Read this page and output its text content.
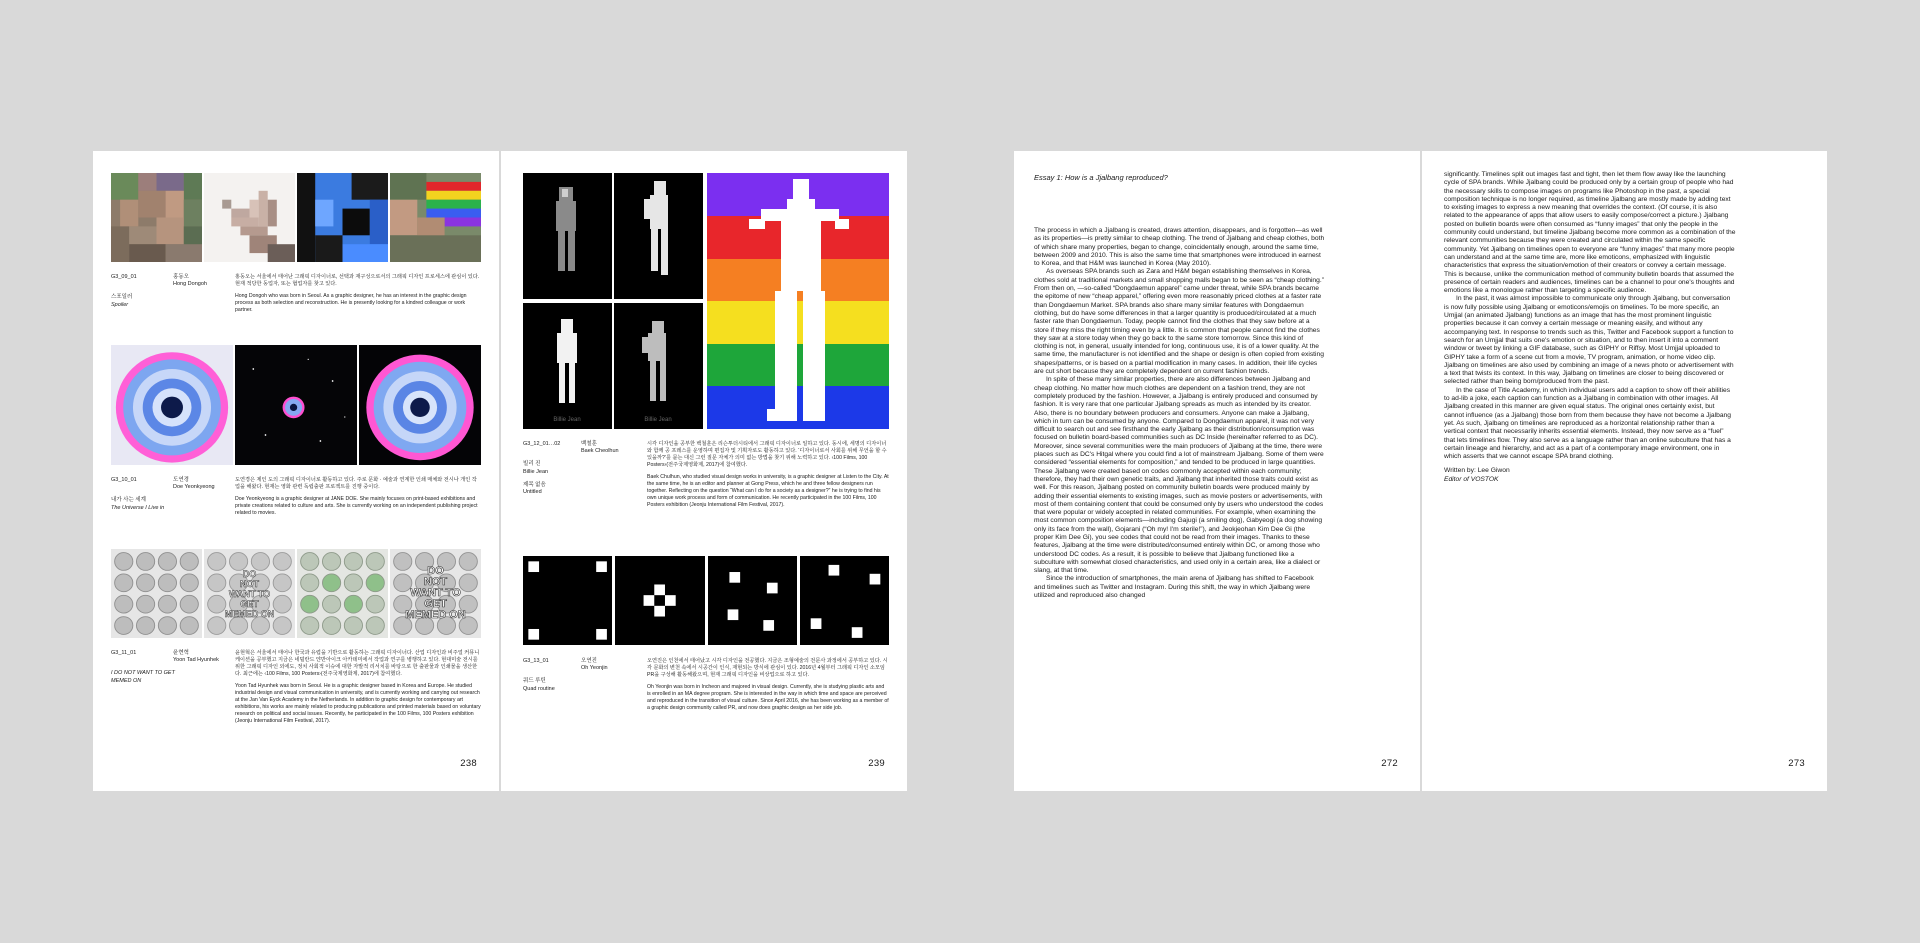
G3_09_01	홍동오
Hong Dongoh
스포일러
Spoiler

홍동오는 서울에서 태어난 그래픽 디자이너로, 선택과 재구성으로서의 그래픽 디자인 프로세스에 관심이 있다. 현재 적당한 동업자, 또는 협업자를 찾고 있다.

Hong Dongoh who was born in Seoul. As a graphic designer, he has an interest in the graphic design process as both selection and reconstruction. He is presently looking for a kindred colleague or work partner.

G3_10_01	도연경
Doe Yeonkyeong
내가 사는 세계
The Universe I Live in

도연경은 제인 도의 그래픽 디자이너로 활동하고 있다. 주로 문화 · 예술과 연계한 인쇄 매체와 전시나 개인 작업을 해왔다. 현재는 영화 관련 독립출판 프로젝트를 진행 중이다.

Doe Yeonkyeong is a graphic designer at JANE DOE. She mainly focuses on print-based exhibitions and private creations related to culture and arts. She is currently working on an independent publishing project related to movies.

DO
NOT
WANT TO
GET
MEMED ON
DO
NOT
WANT TO
GET
MEMED ON
G3_11_01	윤현혁
Yoon Tad Hyunhek
I DO NOT WANT TO GET
MEMED ON

윤현혁은 서울에서 태어나 한국과 유럽을 기반으로 활동하는 그래픽 디자이너다. 산업 디자인과 비주얼 커뮤니케이션을 공부했고 지금은 네덜란드 얀반아이크 아카데미에서 작업과 연구를 병행하고 있다. 현대미술 전시를 위한 그래픽 디자인 외에도, 정치 사회적 이슈에 대한 자발적 리서치를 바탕으로 한 출판물과 인쇄물을 생산한다. 최근에는 ‹100 Films, 100 Posters›(전주국제영화제, 2017)에 참여했다.

Yoon Tad Hyunhek was born in Seoul. He is a graphic designer based in Korea and Europe. He studied industrial design and visual communication in university, and is currently working and carrying out research at the Jan Van Eyck Academy in the Netherlands. In addition to graphic design for contemporary art exhibitions, his works are mainly related to producing publications and printed materials based on voluntary research on political and social issues. Recently, he participated in the 100 Films, 100 Posters exhibition (Jeonju International Film Festival, 2017).

238
Billie Jean	Billie Jean
G3_12_01…02	백철훈
Baek Cheolhun
빌리 진
Billie Jean
제목 없음
Untitled

시각 디자인을 공부한 백철훈은 리슨투더시티에서 그래픽 디자이너로 일하고 있다. 동시에, 세명의 디자이너와 함께 공 프레스를 운영하며 편집자 및 기획자로도 활동하고 있다. ‘디자이너로서 사회를 위해 무언을 할 수 있을까?’를 묻는 대신 그런 질문 자체가 의미 없는 방법을 찾기 위해 노력하고 있다. ‹100 Films, 100 Posters›(전주국제영화제, 2017)에 참여했다.

Baek Chulhun, who studied visual design works in university, is a graphic designer at Listen to the City. At the same time, he is an editor and planner at Gong Press, which he and three fellow designers run together. Reflecting on the question “What can I do for a society as a designer?” he is trying to find his own unique work process and form of communication. He recently participated in the 100 Films, 100 Posters exhibition (Jeonju International Film Festival, 2017).

G3_13_01	오연진
Oh Yeonjin
쿼드 루틴
Quad routine

오연진은 인천에서 태어났고 시각 디자인을 전공했다. 지금은 조형예술의 전문사 과정에서 공부하고 있다. 시각 문화의 변천 속에서 시공간이 인식, 재현되는 방식에 관심이 있다. 2016년 4월부터 그래픽 디자인 소모임 PR을 구성해 활동해왔으며, 현재 그래픽 디자인을 비상업으로 하고 있다.

Oh Yeonjin was born in Incheon and majored in visual design. Currently, she is studying plastic arts and is enrolled in an MA degree program. She is interested in the way in which time and space are perceived and reproduced in the transition of visual culture. Since April 2016, she has been working as a member of a graphic design community called PR, and now does graphic design as her side job.

239
Essay 1: How is a Jjalbang reproduced?

The process in which a Jjalbang is created, draws attention, disappears, and is forgotten—as well as its properties—is pretty similar to cheap clothing. The trend of Jjalbang and cheap clothes, both of which share many properties, began to change, coincidentally enough, around the same time, between 2009 and 2010. This is also the same time that smartphones were introduced in earnest to Korea, and that H&M was launched in Korea (May 2010).

As overseas SPA brands such as Zara and H&M began establishing themselves in Korea, clothes sold at traditional markets and small shopping malls began to be seen as “cheap clothing.” From then on, —so-called “Dongdaemun apparel” came under threat, while SPA brands became the epitome of new “cheap apparel,” offering even more reasonably priced clothes at a faster rate than Dongdaemun Market. SPA brands also share many similar features with Dongdaemun clothing, but do have some differences in that a larger quantity is produced/circulated at a much faster rate than Dongdaemun. Today, people cannot find the clothes that they saw before at a store if they miss the right timing even by a little. It is common that people cannot find the clothes they saw at a store today when they go back to the same store tomorrow. Since this kind of clothing is not, in general, usually intended for long, continuous use, it is of a lower quality. At the same time, the manufacturer is not identified and the shape or design is often copied from existing shapes/patterns, or is based on a partial modification in many cases. In addition, their life cycles are cut short because they are completely dependent on current fashion trends.

In spite of these many similar properties, there are also differences between Jjalbang and cheap clothing. No matter how much clothes are dependent on a fashion trend, they are not completely produced by the fashion. However, a Jjalbang is entirely produced and consumed by fashion. It is very rare that one particular Jjalbang spreads as much as intended by its creator. Also, there is no boundary between producers and consumers. Anyone can make a Jjalbang, which in turn can be consumed by anyone. Compared to Dongdaemun apparel, it was not very difficult to search out and see firsthand the early Jjalbang as their distribution/consumption was focused on bulletin board-based communities such as DC Inside (hereinafter referred to as DC). Moreover, since several communities were the main producers of Jjalbang at the time, there were places such as DC's Hitgal where you could find a lot of mainstream Jjalbang. Some of them were considered “essential elements for composition,” and tended to be produced in large quantities. These Jjalbang were created based on codes commonly accepted within each community; therefore, they had their own genetic traits, and Jjalbang that inherited those traits could exist as well. For this reason, Jjalbang posted on community bulletin boards were produced mainly by adding their essential elements to existing images, such as movie posters or advertisements, with most of them containing content that could be consumed only by users who understood the codes that were popular or widely accepted in related communities. For example, when examining the most common composition elements—including Gajugi (a smiling dog), Gabyeogi (a dog showing only its face from the wall), Gojarani (“Oh my! I'm sterile!”), and Jeokjeohan Kim Dee Gi (the proper Kim Dee Gi), you see codes that could not be read from their images. Thanks to these features, Jjalbang at the time were distributed/consumed entirely within DC, or among those who understood DC codes. As a result, it is possible to believe that Jjalbang functioned like a subculture with somewhat closed characteristics, and used only in a certain area, like a dialect or slang, at that time.

Since the introduction of smartphones, the main arena of Jjalbang has shifted to Facebook and timelines such as Twitter and Instagram. During this shift, the way in which Jjalbang were utilized and reproduced also changed

272

significantly. Timelines split out images fast and tight, then let them flow away like the launching cycle of SPA brands. While Jjalbang could be produced only by a certain group of people who had the necessary skills to compose images on programs like Photoshop in the past, a special composition technique is no longer required, as timeline Jjalbang are mostly made by adding text to existing images to express a new meaning that overrides the context. (Of course, it is also related to the appearance of apps that allow users to easily compose/correct a picture.) Jjalbang posted on bulletin boards were often consumed as “funny images” that only the people in the community could understand, but timeline Jjalbang become more common as a combination of the relevant communities because they were created and circulated within the same specific community. Yet Jjalbang on timelines open to everyone are “funny images” that many more people can understand and at the same time are, more like emoticons, emphasized with linguistic characteristics that express the situation/emotion of their creators or convey a certain message. This is because, unlike the communication method of community bulletin boards that assumed the presence of certain readers and audiences, timelines can be a channel to pour one's thoughts and emotions like a monologue rather than targeting a specific audience.

In the past, it was almost impossible to communicate only through Jjalbang, but conversation is now fully possible using Jjalbang or emoticons/emojis on timelines. To be more specific, an Umjjal (an animated Jjalbang) functions as an image that has the most prominent linguistic properties because it can convey a certain message or meaning easily, and without any accompanying text. In response to trends such as this, Twitter and Facebook support a function to search for an Umjjal that suits one's emotion or situation, and to then insert it into a comment window or tweet by linking a GIF database, such as GIPHY or Riffsy. Most Umjjal uploaded to GIPHY take a form of a scene cut from a movie, TV program, animation, or home video clip. Jjalbang on timelines are also used by combining an image of a news photo or advertisement with a text that twists its context. In this way, Jjalbang on timelines are closer to being discovered or selected rather than being born/produced from the past.

In the case of Title Academy, in which individual users add a caption to show off their abilities to ad-lib a joke, each caption can function as a Jjalbang in combination with other images. All Jjalbang created in this manner are given equal status. The original ones certainly exist, but cannot influence (as a Jjalbang) those born from them because they have not become a Jjalbang yet. As such, Jjalbang on timelines are reproduced as a horizontal relationship rather than a vertical context that necessarily inherits essential elements. Instead, they now serve as a “fuel” that lets timelines flow. They also serve as a language rather than an online subculture that has a certain lineage and hierarchy, and act as a part of a contemporary image environment, one in which asserts that we cannot escape SPA brand clothing.

Written by: Lee Giwon
Editor of VOSTOK
273
